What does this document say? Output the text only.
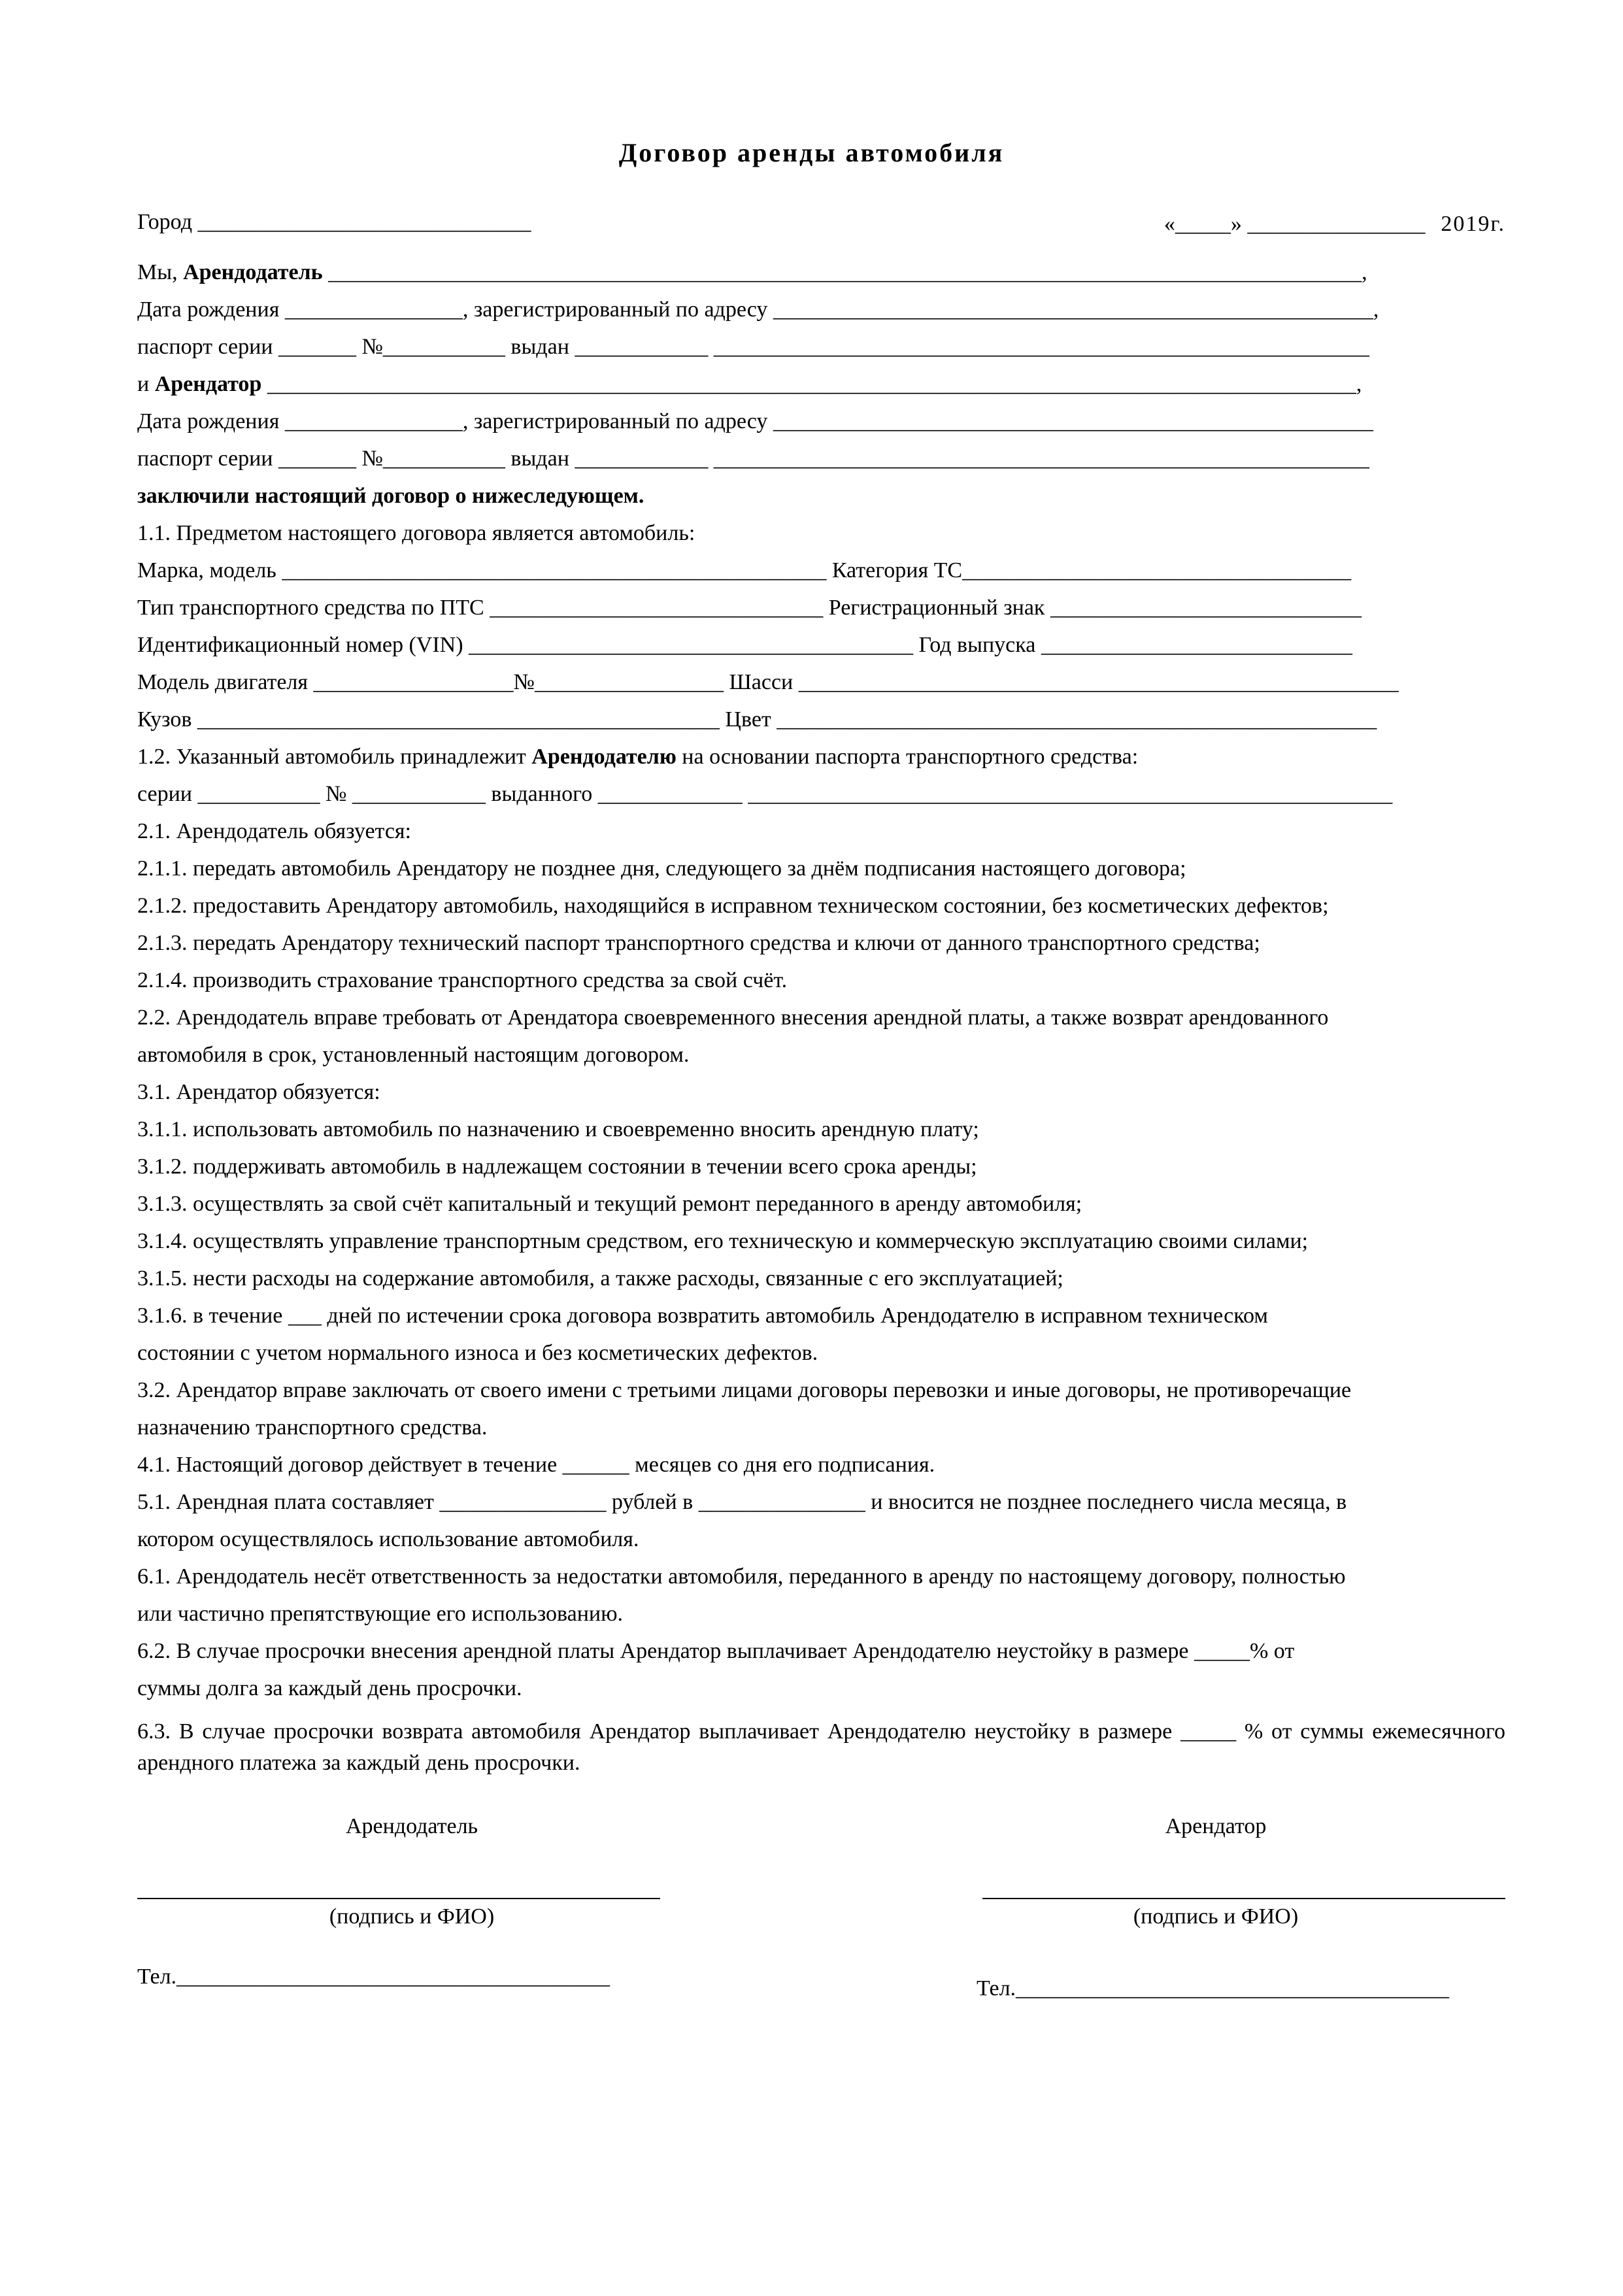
Договор аренды автомобиля
Город ______________________________	«_____» ________________ 2019г.
Мы, Арендодатель _____________________________________________________________________________________________,
Дата рождения ________________, зарегистрированный по адресу ______________________________________________________,
паспорт серии _______ №___________ выдан ____________ ___________________________________________________________
и Арендатор __________________________________________________________________________________________________,
Дата рождения ________________, зарегистрированный по адресу ______________________________________________________
паспорт серии _______ №___________ выдан ____________ ___________________________________________________________
заключили настоящий договор о нижеследующем.
1.1. Предметом настоящего договора является автомобиль:
Марка, модель _________________________________________________ Категория ТС___________________________________
Тип транспортного средства по ПТС ______________________________ Регистрационный знак ____________________________
Идентификационный номер (VIN) ________________________________________ Год выпуска ____________________________
Модель двигателя __________________№_________________ Шасси ______________________________________________________
Кузов _______________________________________________ Цвет ______________________________________________________
1.2. Указанный автомобиль принадлежит Арендодателю на основании паспорта транспортного средства:
серии ___________ № ____________ выданного _____________ __________________________________________________________
2.1. Арендодатель обязуется:
2.1.1. передать автомобиль Арендатору не позднее дня, следующего за днём подписания настоящего договора;
2.1.2. предоставить Арендатору автомобиль, находящийся в исправном техническом состоянии, без косметических дефектов;
2.1.3. передать Арендатору технический паспорт транспортного средства и ключи от данного транспортного средства;
2.1.4. производить страхование транспортного средства за свой счёт.
2.2. Арендодатель вправе требовать от Арендатора своевременного внесения арендной платы, а также возврат арендованного
автомобиля в срок, установленный настоящим договором.
3.1. Арендатор обязуется:
3.1.1. использовать автомобиль по назначению и своевременно вносить арендную плату;
3.1.2. поддерживать автомобиль в надлежащем состоянии в течении всего срока аренды;
3.1.3. осуществлять за свой счёт капитальный и текущий ремонт переданного в аренду автомобиля;
3.1.4. осуществлять управление транспортным средством, его техническую и коммерческую эксплуатацию своими силами;
3.1.5. нести расходы на содержание автомобиля, а также расходы, связанные с его эксплуатацией;
3.1.6. в течение ___ дней по истечении срока договора возвратить автомобиль Арендодателю в исправном техническом
состоянии с учетом нормального износа и без косметических дефектов.
3.2. Арендатор вправе заключать от своего имени с третьими лицами договоры перевозки и иные договоры, не противоречащие
назначению транспортного средства.
4.1. Настоящий договор действует в течение ______ месяцев со дня его подписания.
5.1. Арендная плата составляет _______________ рублей в _______________ и вносится не позднее последнего числа месяца, в
котором осуществлялось использование автомобиля.
6.1. Арендодатель несёт ответственность за недостатки автомобиля, переданного в аренду по настоящему договору, полностью
или частично препятствующие его использованию.
6.2. В случае просрочки внесения арендной платы Арендатор выплачивает Арендодателю неустойку в размере _____% от
суммы долга за каждый день просрочки.
6.3. В случае просрочки возврата автомобиля Арендатор выплачивает Арендодателю неустойку в размере _____ % от суммы ежемесячного арендного платежа за каждый день просрочки.
Арендодатель	Арендатор
(подпись и ФИО)	(подпись и ФИО)
Тел._______________________________________	Тел._______________________________________
